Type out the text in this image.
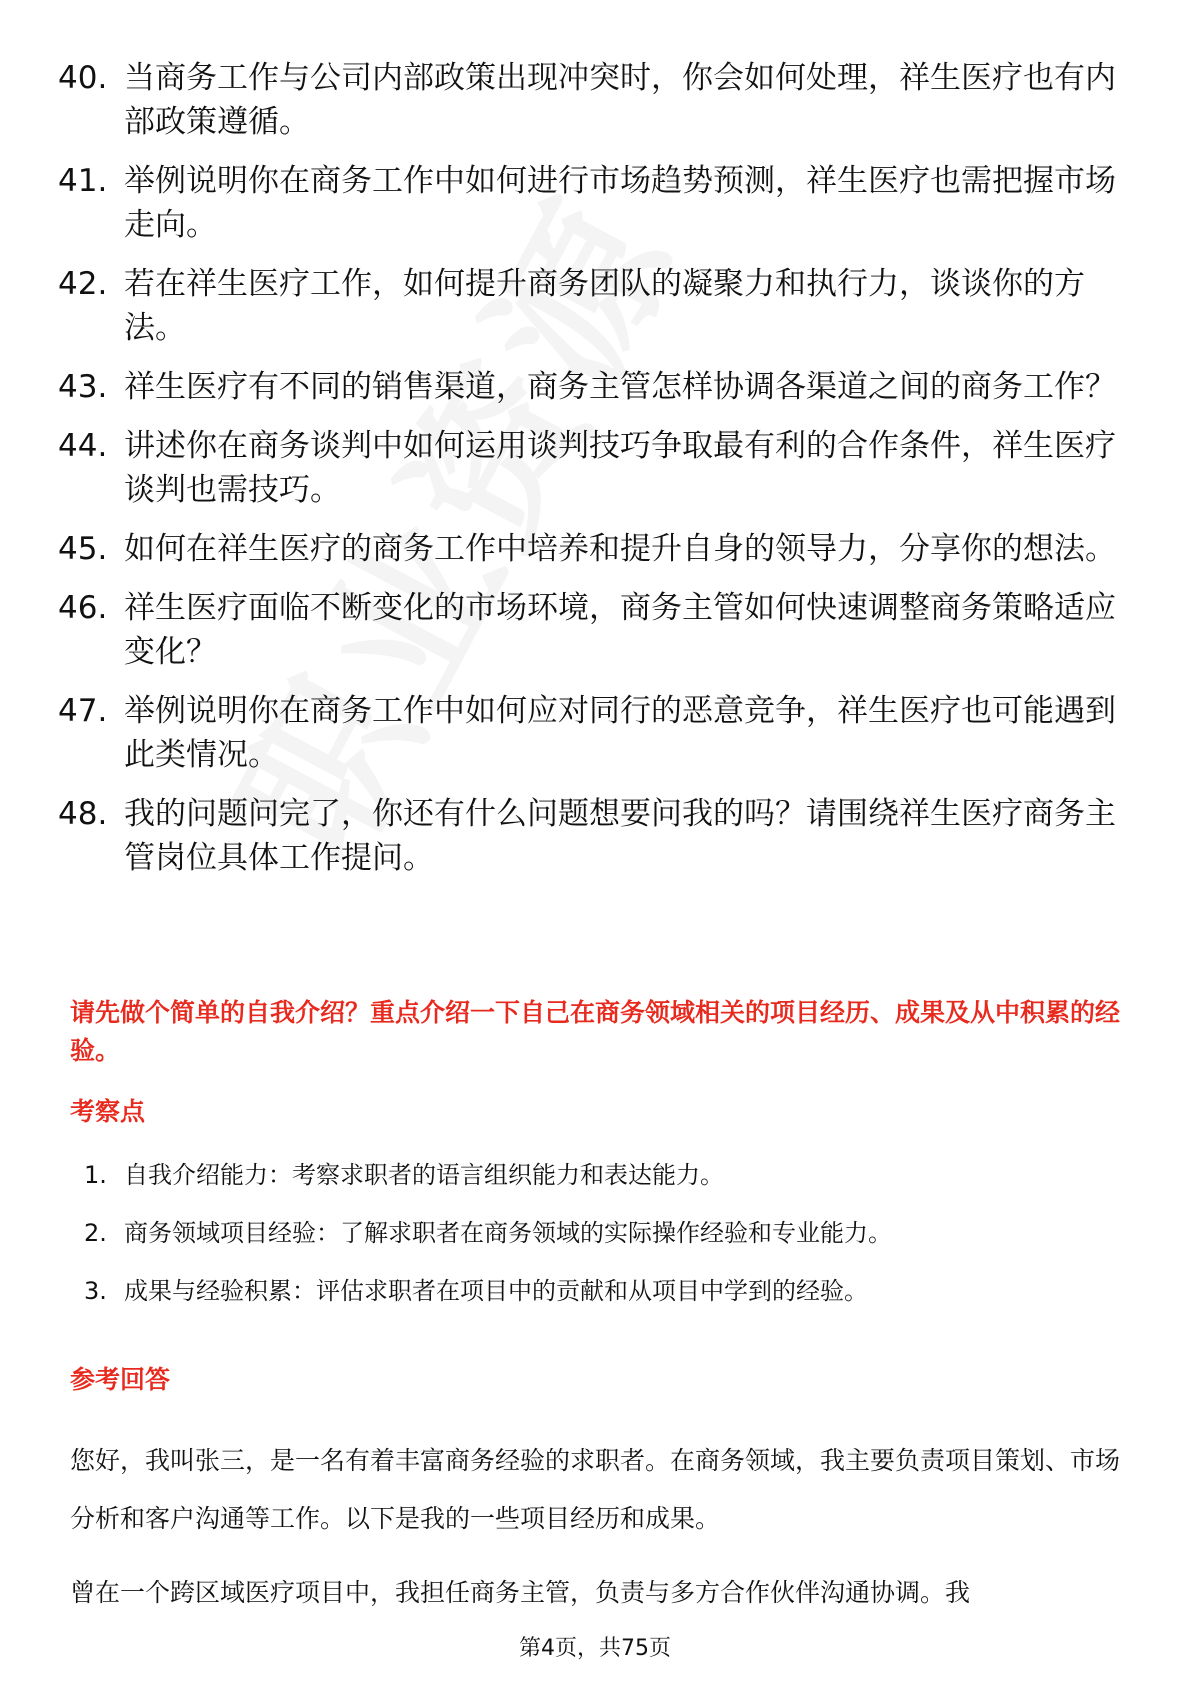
40. 当商务工作与公司内部政策出现冲突时，你会如何处理，祥生医疗也有内部政策遵循。
41. 举例说明你在商务工作中如何进行市场趋势预测，祥生医疗也需把握市场走向。
42. 若在祥生医疗工作，如何提升商务团队的凝聚力和执行力，谈谈你的方法。
43. 祥生医疗有不同的销售渠道，商务主管怎样协调各渠道之间的商务工作？
44. 讲述你在商务谈判中如何运用谈判技巧争取最有利的合作条件，祥生医疗谈判也需技巧。
45. 如何在祥生医疗的商务工作中培养和提升自身的领导力，分享你的想法。
46. 祥生医疗面临不断变化的市场环境，商务主管如何快速调整商务策略适应变化？
47. 举例说明你在商务工作中如何应对同行的恶意竞争，祥生医疗也可能遇到此类情况。
48. 我的问题问完了，你还有什么问题想要问我的吗？请围绕祥生医疗商务主管岗位具体工作提问。
请先做个简单的自我介绍？重点介绍一下自己在商务领域相关的项目经历、成果及从中积累的经验。
考察点
1. 自我介绍能力：考察求职者的语言组织能力和表达能力。
2. 商务领域项目经验：了解求职者在商务领域的实际操作经验和专业能力。
3. 成果与经验积累：评估求职者在项目中的贡献和从项目中学到的经验。
参考回答
您好，我叫张三，是一名有着丰富商务经验的求职者。在商务领域，我主要负责项目策划、市场分析和客户沟通等工作。以下是我的一些项目经历和成果。
曾在一个跨区域医疗项目中，我担任商务主管，负责与多方合作伙伴沟通协调。我
第4页，共75页
